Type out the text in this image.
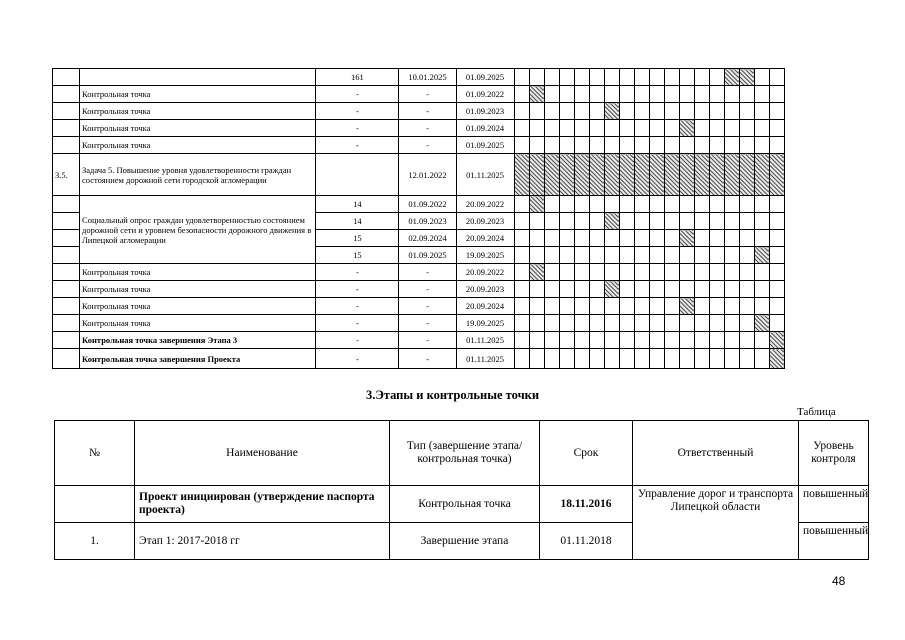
		161	10.01.2025	01.09.2025																		
	Контрольная точка	-	-	01.09.2022																		
	Контрольная точка	-	-	01.09.2023																		
	Контрольная точка	-	-	01.09.2024																		
	Контрольная точка	-	-	01.09.2025																		
3.5.	Задача 5. Повышение уровня удовлетворенности граждан состоянием дорожной сети городской агломерации		12.01.2022	01.11.2025																		
	Социальный опрос граждан удовлетворенностью состоянием дорожной сети и уровнем безопасности дорожного движения в Липецкой агломерации	14	01.09.2022	20.09.2022																		
		14	01.09.2023	20.09.2023																		
		15	02.09.2024	20.09.2024																		
		15	01.09.2025	19.09.2025																		
	Контрольная точка	-	-	20.09.2022																		
	Контрольная точка	-	-	20.09.2023																		
	Контрольная точка	-	-	20.09.2024																		
	Контрольная точка	-	-	19.09.2025																		
	Контрольная точка завершения Этапа 3	-	-	01.11.2025																		
	Контрольная точка завершения Проекта	-	-	01.11.2025																		
3.Этапы и контрольные точки
Таблица
№	Наименование	Тип (завершение этапа/контрольная точка)	Срок	Ответственный	Уровень контроля
	Проект инициирован (утверждение паспорта проекта)	Контрольная точка	18.11.2016	Управление дорог и транспорта Липецкой области	повышенный
1.	Этап 1: 2017-2018 гг	Завершение этапа	01.11.2018		повышенный
48
